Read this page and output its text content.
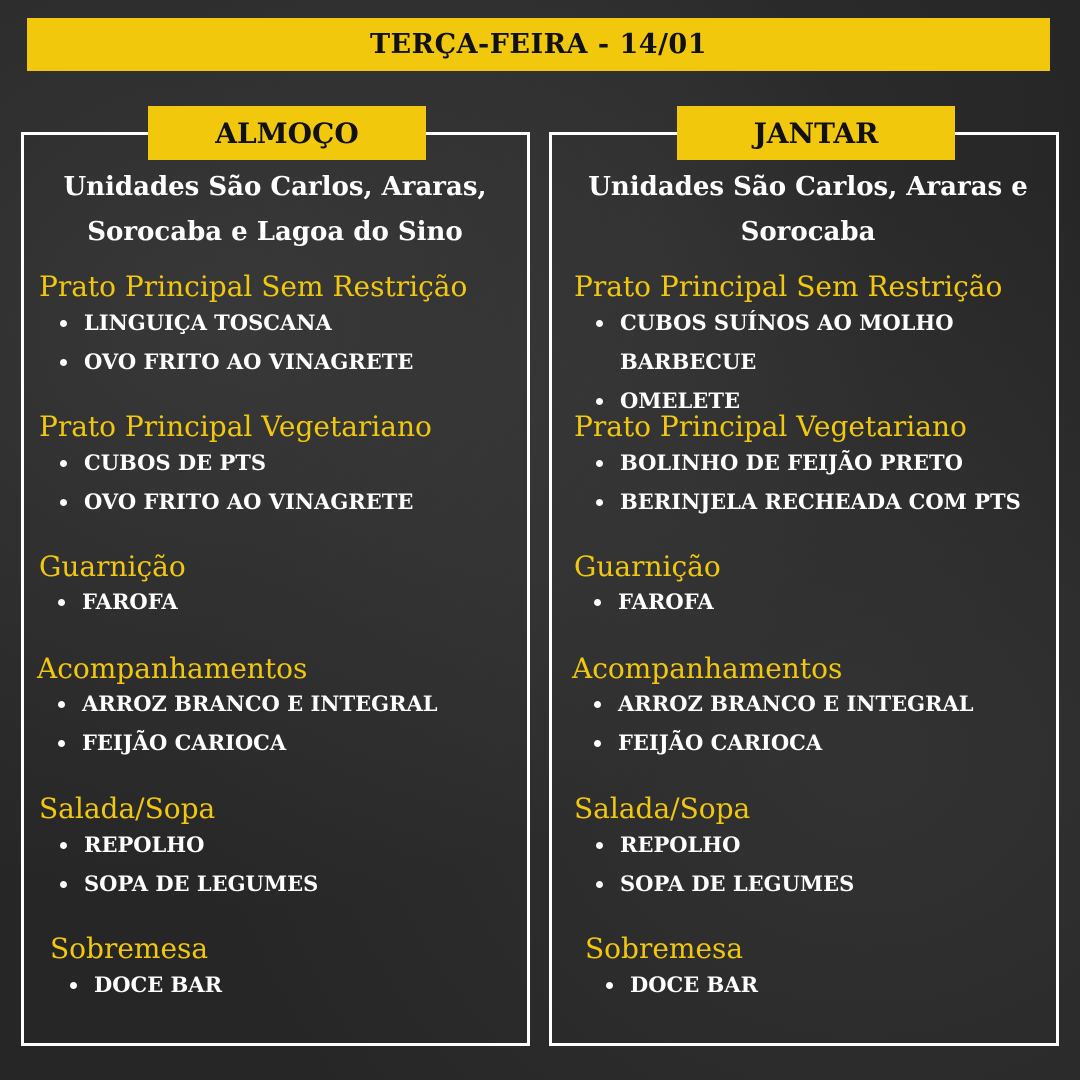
TERÇA-FEIRA - 14/01
ALMOÇO	JANTAR
Unidades São Carlos, Araras,
Sorocaba e Lagoa do Sino
Unidades São Carlos, Araras e
Sorocaba
Prato Principal Sem Restrição
LINGUIÇA TOSCANA
OVO FRITO AO VINAGRETE
Prato Principal Vegetariano
CUBOS DE PTS
OVO FRITO AO VINAGRETE
Guarnição
FAROFA
Acompanhamentos
ARROZ BRANCO E INTEGRAL
FEIJÃO CARIOCA
Salada/Sopa
REPOLHO
SOPA DE LEGUMES
Sobremesa
DOCE BAR
Prato Principal Sem Restrição
CUBOS SUÍNOS AO MOLHO
BARBECUE
OMELETE
Prato Principal Vegetariano
BOLINHO DE FEIJÃO PRETO
BERINJELA RECHEADA COM PTS
Guarnição
FAROFA
Acompanhamentos
ARROZ BRANCO E INTEGRAL
FEIJÃO CARIOCA
Salada/Sopa
REPOLHO
SOPA DE LEGUMES
Sobremesa
DOCE BAR
